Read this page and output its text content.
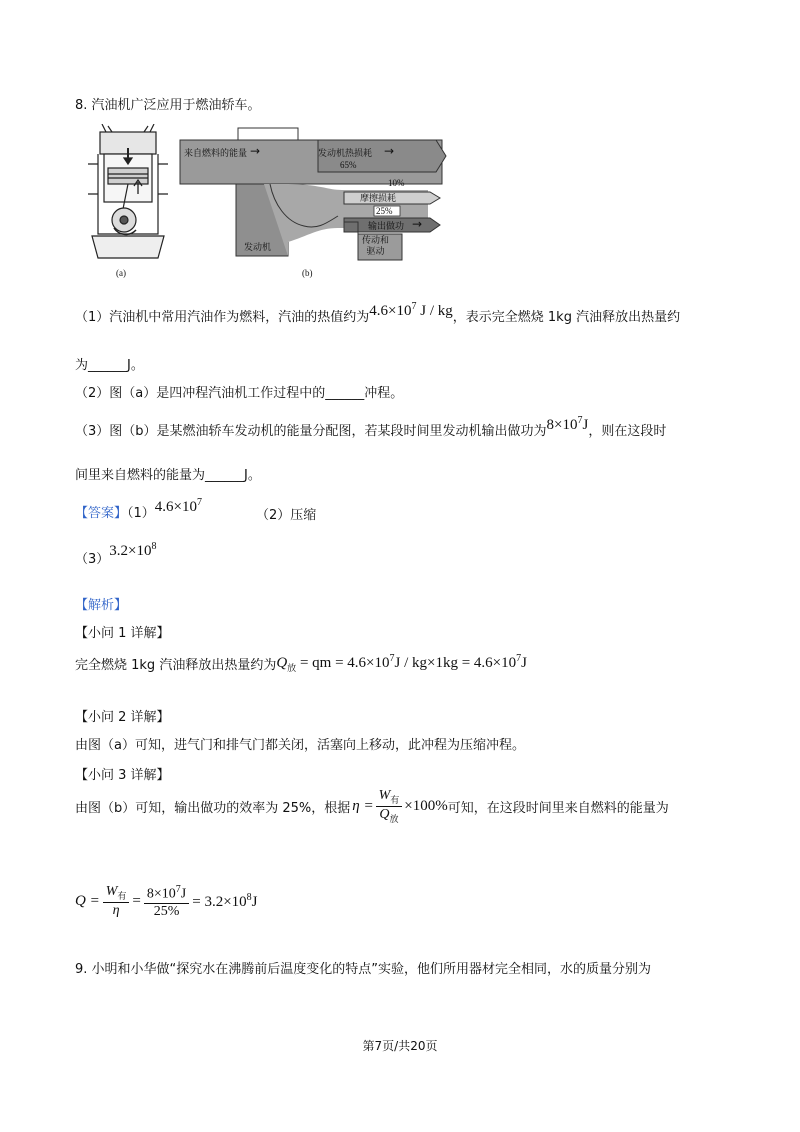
8. 汽油机广泛应用于燃油轿车。
(a)
来自燃料的能量 →	发动机热损耗 →
65%
10%
摩擦损耗
25%
输出做功 →
发动机
传动和
驱动
(b)
（1）汽油机中常用汽油作为燃料，汽油的热值约为$4.6\times 10^7$ J / kg，表示完全燃烧 1kg 汽油释放出热量约
为______J。
（2）图（a）是四冲程汽油机工作过程中的______冲程。
（3）图（b）是某燃油轿车发动机的能量分配图，若某段时间里发动机输出做功为$8\times 10^7J$，则在这段时
间里来自燃料的能量为______J。
【答案】$(1)4.6\times 10^7$
（2）压缩
$(3)3.2\times 10^8$
【解析】
【小问 1 详解】
完全燃烧 1kg 汽油释放出热量约为$Q_放$ = qm = $4.6\times 10^7J / kg\times 1kg = 4.6\times 10^7J$
【小问 2 详解】
由图（a）可知，进气门和排气门都关闭，活塞向上移动，此冲程为压缩冲程。
【小问 3 详解】
由图（b）可知，输出做功的效率为 25%，根据 $\eta = \frac{W_有}{Q_放} \times 100\%$ 可知，在这段时间里来自燃料的能量为
$Q = \frac{W_有}{\eta} = \frac{8\times 10^7J}{25\%} = 3.2\times 10^8J$
9. 小明和小华做“探究水在沸腾前后温度变化的特点”实验，他们所用器材完全相同，水的质量分别为
第7页/共20页
